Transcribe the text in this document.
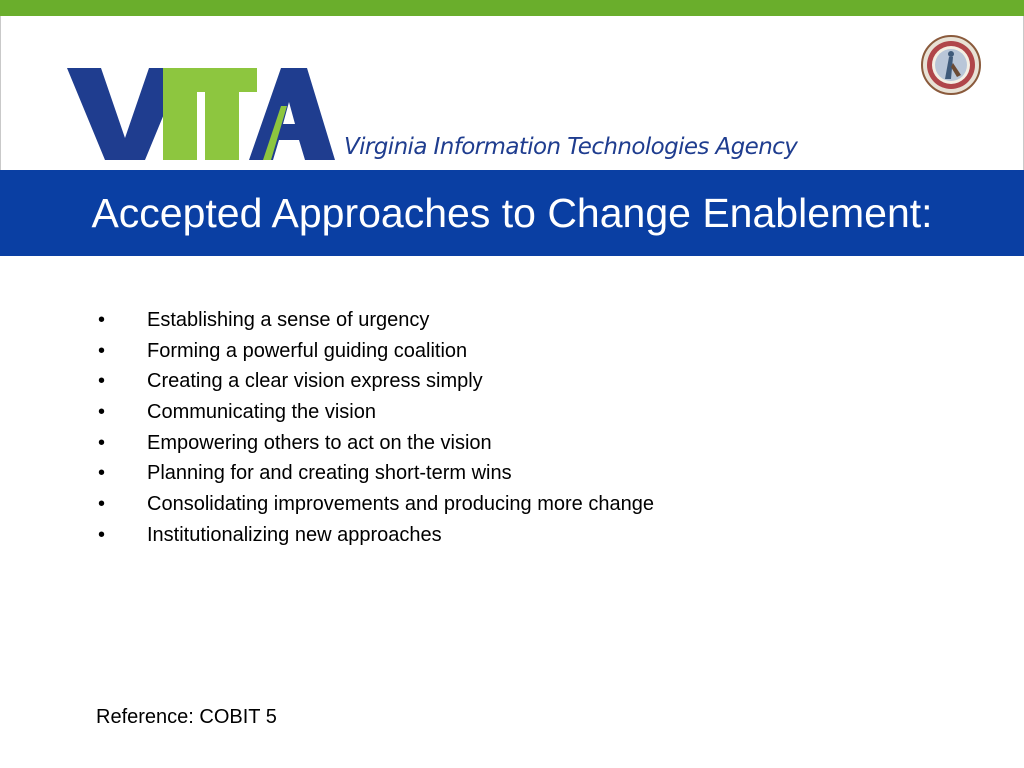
Virginia Information Technologies Agency
Accepted Approaches to Change Enablement:
• Establishing a sense of urgency
• Forming a powerful guiding coalition
• Creating a clear vision express simply
• Communicating the vision
• Empowering others to act on the vision
• Planning for and creating short-term wins
• Consolidating improvements and producing more change
• Institutionalizing new approaches
Reference: COBIT 5
